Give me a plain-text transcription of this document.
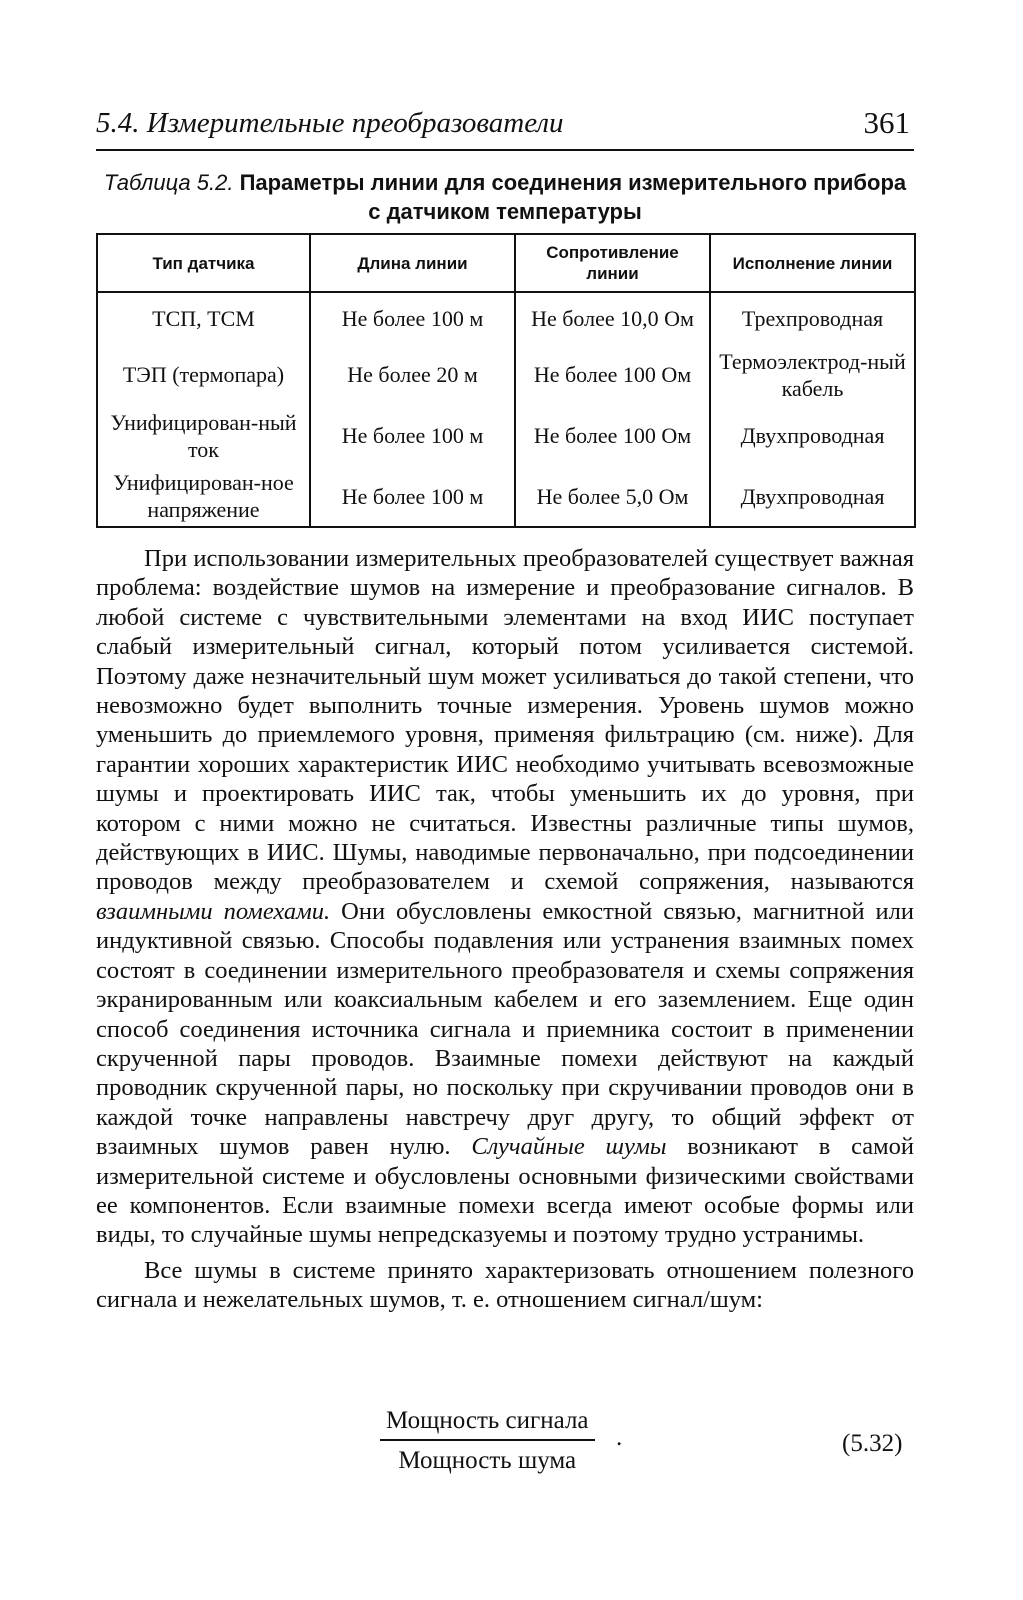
5.4. Измерительные преобразователи	361
Таблица 5.2. Параметры линии для соединения измерительного прибора с датчиком температуры
Тип датчика	Длина линии	Сопротивление линии	Исполнение линии
ТСП, ТСМ	Не более 100 м	Не более 10,0 Ом	Трехпроводная
ТЭП (термопара)	Не более 20 м	Не более 100 Ом	Термоэлектрод-ный кабель
Унифицирован-ный ток	Не более 100 м	Не более 100 Ом	Двухпроводная
Унифицирован-ное напряжение	Не более 100 м	Не более 5,0 Ом	Двухпроводная

При использовании измерительных преобразователей существует важная проблема: воздействие шумов на измерение и преобразование сигналов. В любой системе с чувствительными элементами на вход ИИС поступает слабый измерительный сигнал, который потом усиливается системой. Поэтому даже незначительный шум может усиливаться до такой степени, что невозможно будет выполнить точные измерения. Уровень шумов можно уменьшить до приемлемого уровня, применяя фильтрацию (см. ниже). Для гарантии хороших характеристик ИИС необходимо учитывать всевозможные шумы и проектировать ИИС так, чтобы уменьшить их до уровня, при котором с ними можно не считаться. Известны различные типы шумов, действующих в ИИС. Шумы, наводимые первоначально, при подсоединении проводов между преобразователем и схемой сопряжения, называются взаимными помехами. Они обусловлены емкостной связью, магнитной или индуктивной связью. Способы подавления или устранения взаимных помех состоят в соединении измерительного преобразователя и схемы сопряжения экранированным или коаксиальным кабелем и его заземлением. Еще один способ соединения источника сигнала и приемника состоит в применении скрученной пары проводов. Взаимные помехи действуют на каждый проводник скрученной пары, но поскольку при скручивании проводов они в каждой точке направлены навстречу друг другу, то общий эффект от взаимных шумов равен нулю. Случайные шумы возникают в самой измерительной системе и обусловлены основными физическими свойствами ее компонентов. Если взаимные помехи всегда имеют особые формы или виды, то случайные шумы непредсказуемы и поэтому трудно устранимы.

Все шумы в системе принято характеризовать отношением полезного сигнала и нежелательных шумов, т. е. отношением сигнал/шум:

Мощность сигнала
Мощность шума
.	(5.32)
